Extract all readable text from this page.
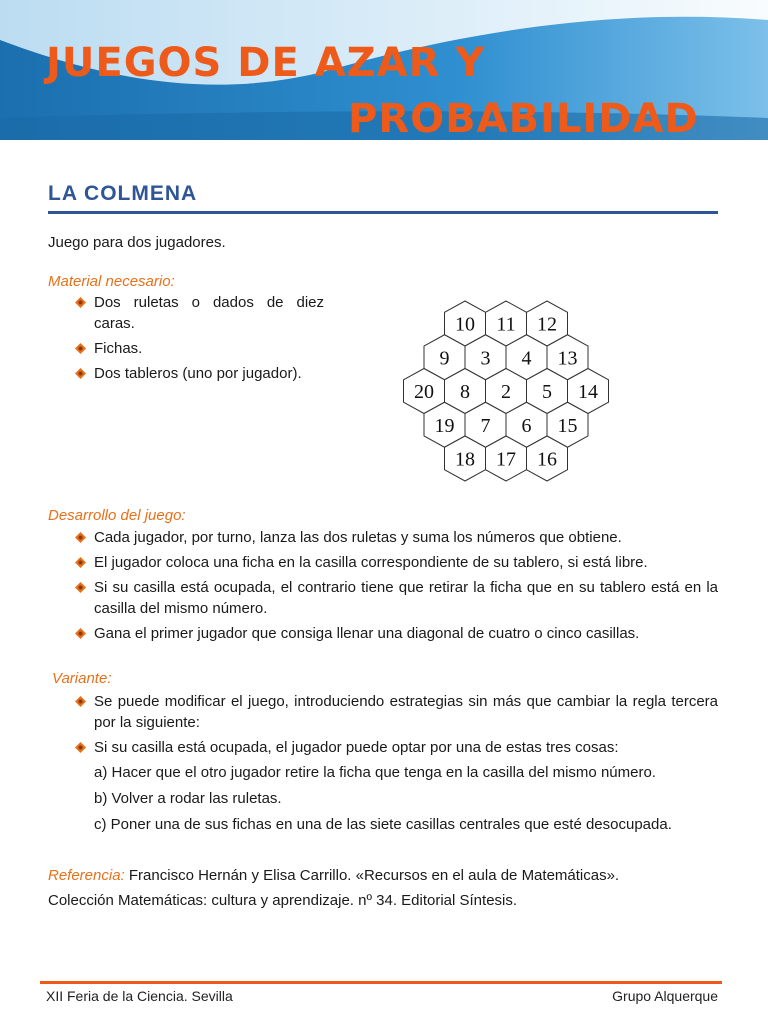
JUEGOS DE AZAR Y
PROBABILIDAD
LA COLMENA

Juego para dos jugadores.

Material necesario:

Dos ruletas o dados de diez caras.
Fichas.
Dos tableros (uno por jugador).
10 11 12
9 3 4 13
20 8 2 5 14
19 7 6 15
18 17 16

Desarrollo del juego:

Cada jugador, por turno, lanza las dos ruletas y suma los números que obtiene.
El jugador coloca una ficha en la casilla correspondiente de su tablero, si está libre.
Si su casilla está ocupada, el contrario tiene que retirar la ficha que en su tablero está en la casilla del mismo número.
Gana el primer jugador que consiga llenar una diagonal de cuatro o cinco casillas.

Variante:

Se puede modificar el juego, introduciendo estrategias sin más que cambiar la regla tercera por la siguiente:
Si su casilla está ocupada, el jugador puede optar por una de estas tres cosas:

a) Hacer que el otro jugador retire la ficha que tenga en la casilla del mismo número.

b) Volver a rodar las ruletas.

c) Poner una de sus fichas en una de las siete casillas centrales que esté desocupada.

Referencia: Francisco Hernán y Elisa Carrillo. «Recursos en el aula de Matemáticas».

Colección Matemáticas: cultura y aprendizaje. nº 34. Editorial Síntesis.

XII Feria de la Ciencia. Sevilla	Grupo Alquerque
